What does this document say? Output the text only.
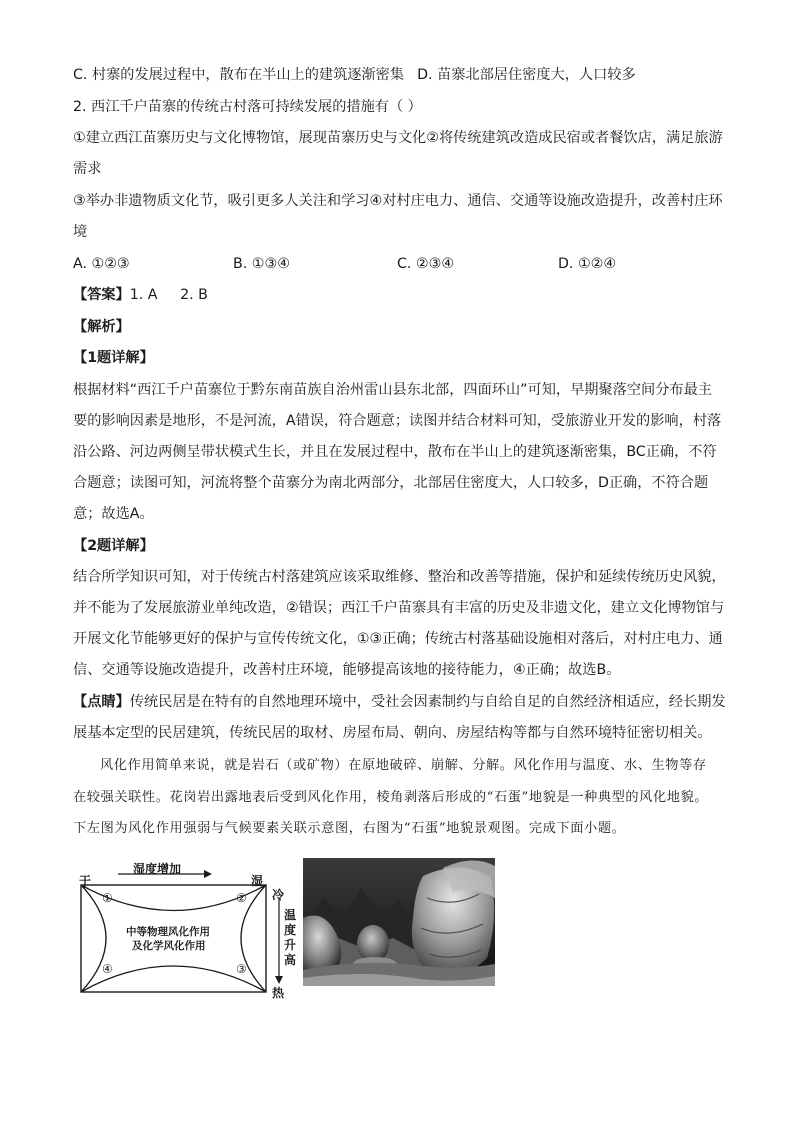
C. 村寨的发展过程中，散布在半山上的建筑逐渐密集 D. 苗寨北部居住密度大，人口较多
2. 西江千户苗寨的传统古村落可持续发展的措施有（ ）
①建立西江苗寨历史与文化博物馆，展现苗寨历史与文化②将传统建筑改造成民宿或者餐饮店，满足旅游
需求
③举办非遗物质文化节，吸引更多人关注和学习④对村庄电力、通信、交通等设施改造提升，改善村庄环
境
A. ①②③	B. ①③④	C. ②③④	D. ①②④
【答案】1. A     2. B
【解析】
【1题详解】
根据材料“西江千户苗寨位于黔东南苗族自治州雷山县东北部，四面环山”可知，早期聚落空间分布最主
要的影响因素是地形，不是河流，A错误，符合题意；读图并结合材料可知，受旅游业开发的影响，村落
沿公路、河边两侧呈带状模式生长，并且在发展过程中，散布在半山上的建筑逐渐密集，BC正确，不符
合题意；读图可知，河流将整个苗寨分为南北两部分，北部居住密度大，人口较多，D正确，不符合题
意；故选A。
【2题详解】
结合所学知识可知，对于传统古村落建筑应该采取维修、整治和改善等措施，保护和延续传统历史风貌，
并不能为了发展旅游业单纯改造，②错误；西江千户苗寨具有丰富的历史及非遗文化，建立文化博物馆与
开展文化节能够更好的保护与宣传传统文化，①③正确；传统古村落基础设施相对落后，对村庄电力、通
信、交通等设施改造提升，改善村庄环境，能够提高该地的接待能力，④正确；故选B。
【点睛】传统民居是在特有的自然地理环境中，受社会因素制约与自给自足的自然经济相适应，经长期发
展基本定型的民居建筑，传统民居的取材、房屋布局、朝向、房屋结构等都与自然环境特征密切相关。
风化作用简单来说，就是岩石（或矿物）在原地破碎、崩解、分解。风化作用与温度、水、生物等存
在较强关联性。花岗岩出露地表后受到风化作用，棱角剥落后形成的“石蛋”地貌是一种典型的风化地貌。
下左图为风化作用强弱与气候要素关联示意图，右图为“石蛋”地貌景观图。完成下面小题。
湿度增加
干	湿
冷
热
温
度
升
高
①	②
③
④
中等物理风化作用
及化学风化作用
